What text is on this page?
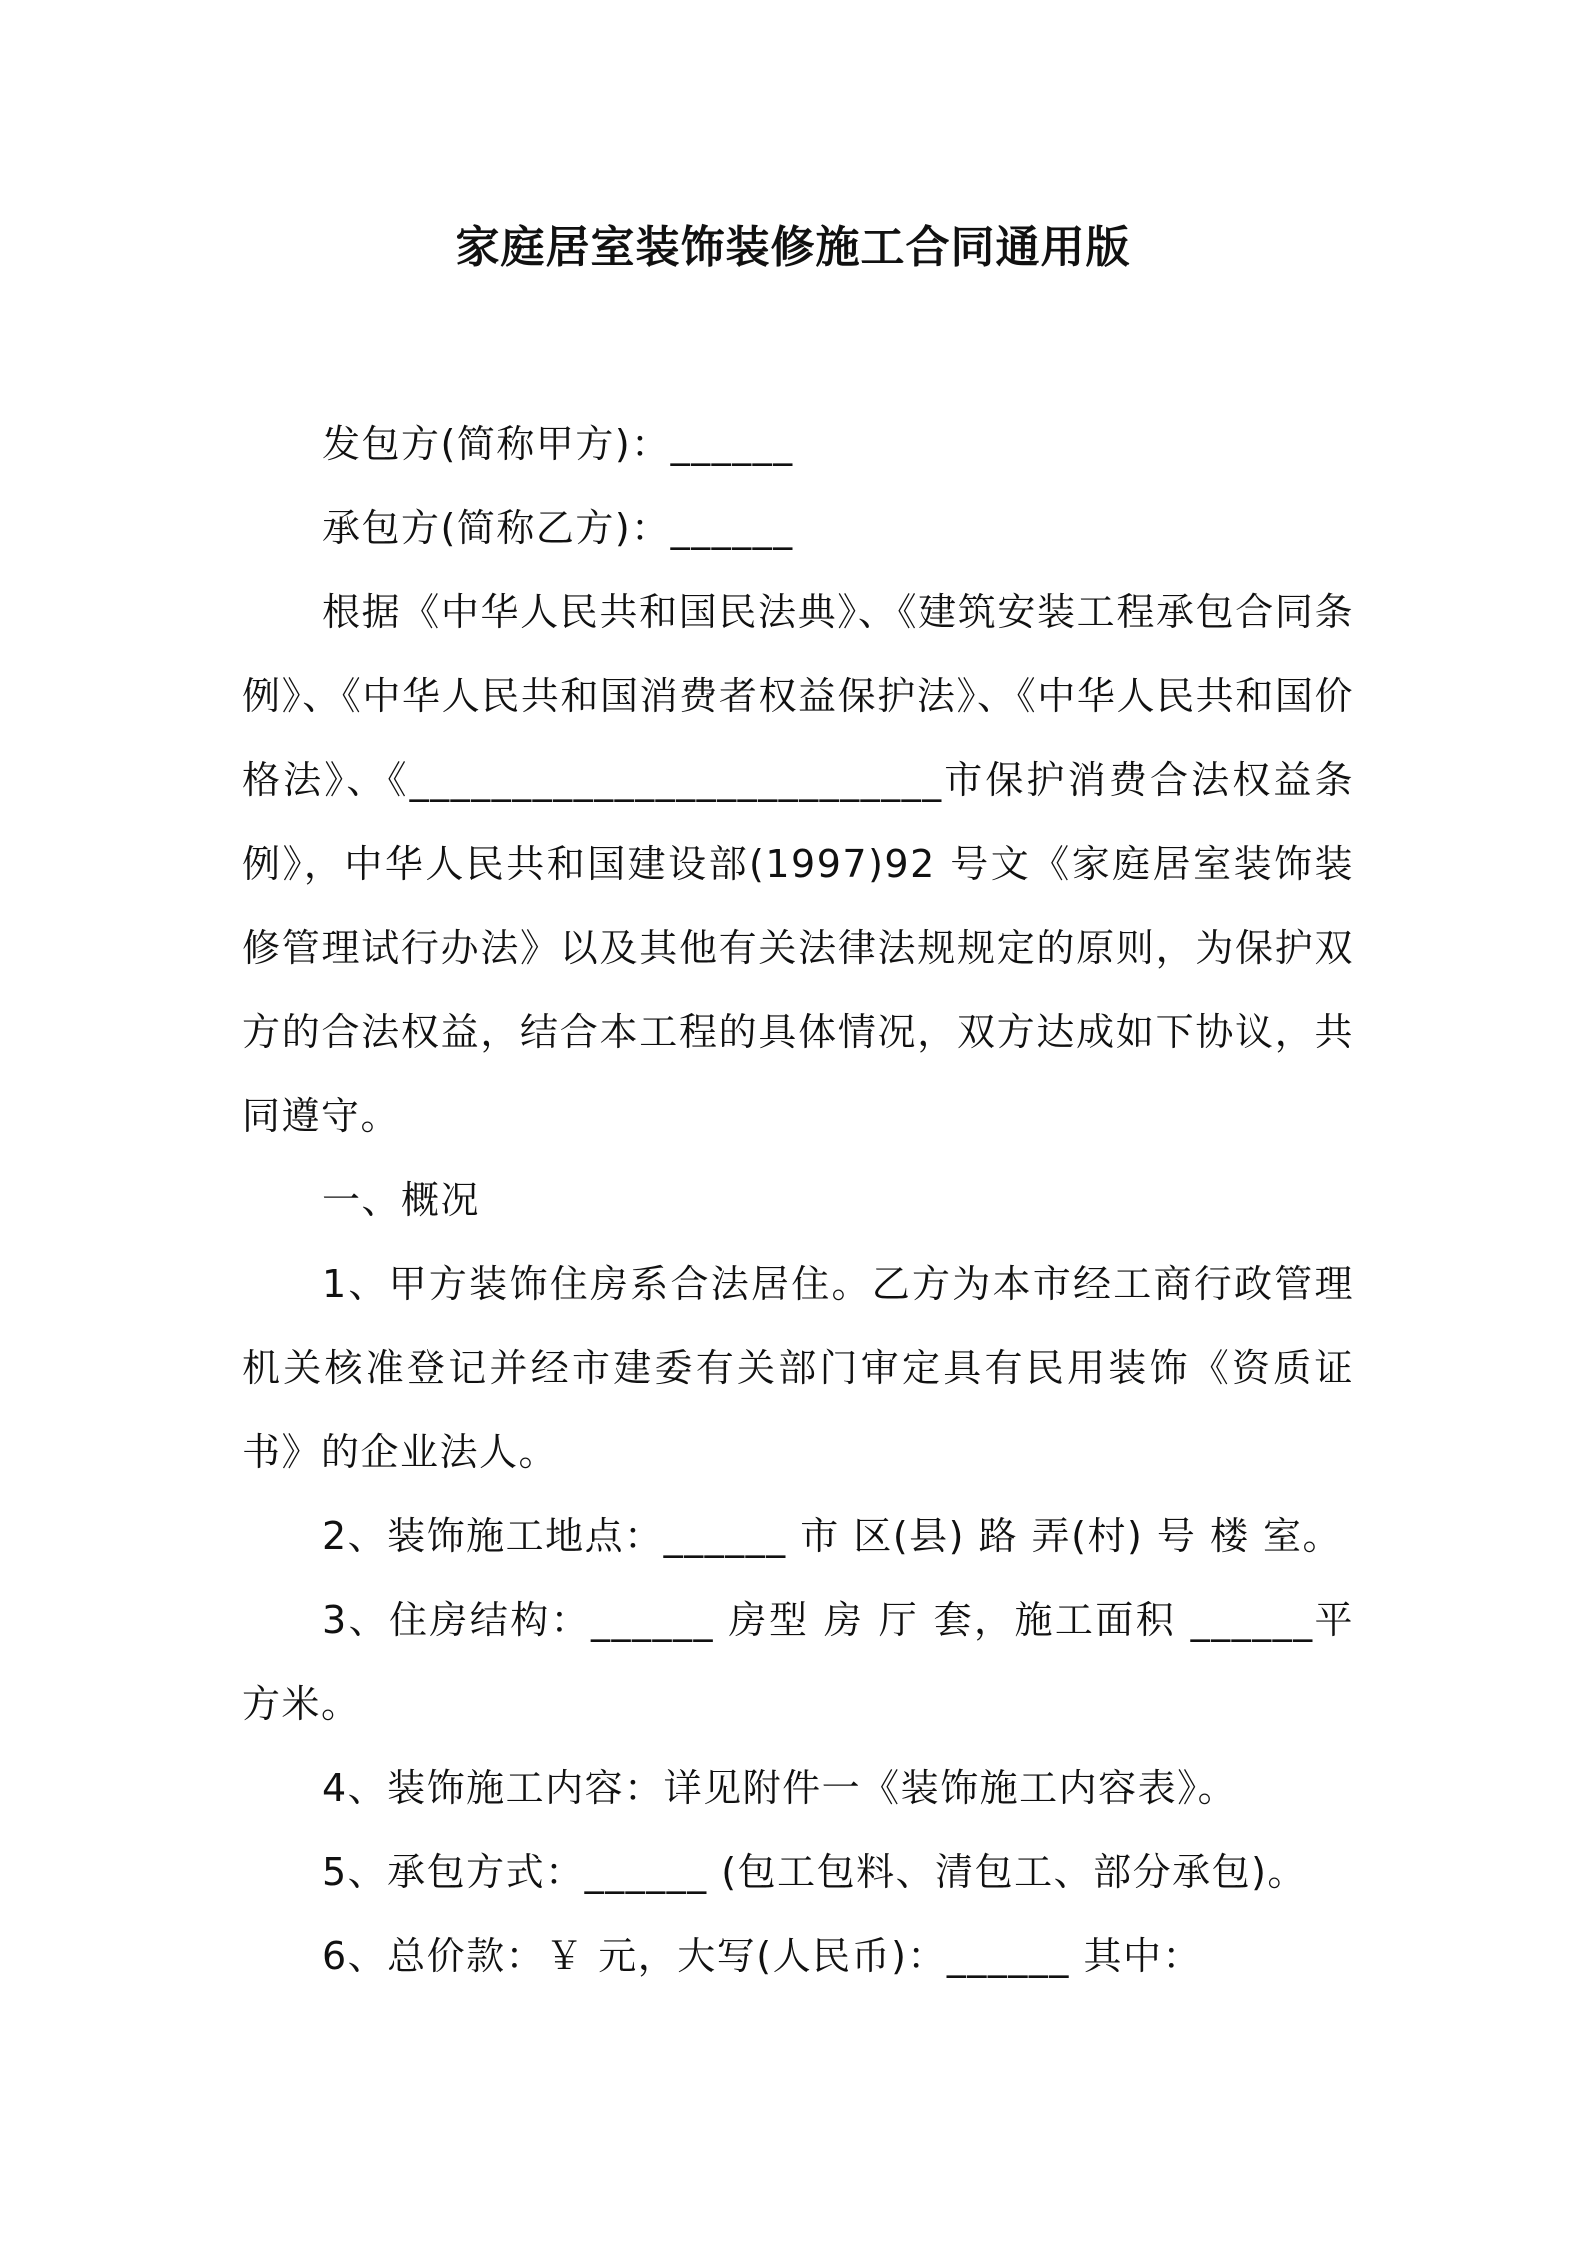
家庭居室装饰装修施工合同通用版

发包方(简称甲方)：______

承包方(简称乙方)：______

根据《中华人民共和国民法典》、《建筑安装工程承包合同条例》、《中华人民共和国消费者权益保护法》、《中华人民共和国价格法》、《__________________________市保护消费合法权益条例》，中华人民共和国建设部(1997)92 号文《家庭居室装饰装修管理试行办法》以及其他有关法律法规规定的原则，为保护双方的合法权益，结合本工程的具体情况，双方达成如下协议，共同遵守。

一、概况

1、甲方装饰住房系合法居住。乙方为本市经工商行政管理机关核准登记并经市建委有关部门审定具有民用装饰《资质证书》的企业法人。

2、装饰施工地点：______ 市 区(县) 路 弄(村) 号 楼 室。

3、住房结构：______ 房型 房 厅 套，施工面积 ______平方米。

4、装饰施工内容：详见附件一《装饰施工内容表》。

5、承包方式：______ (包工包料、清包工、部分承包)。

6、总价款：￥ 元，大写(人民币)：______ 其中：
